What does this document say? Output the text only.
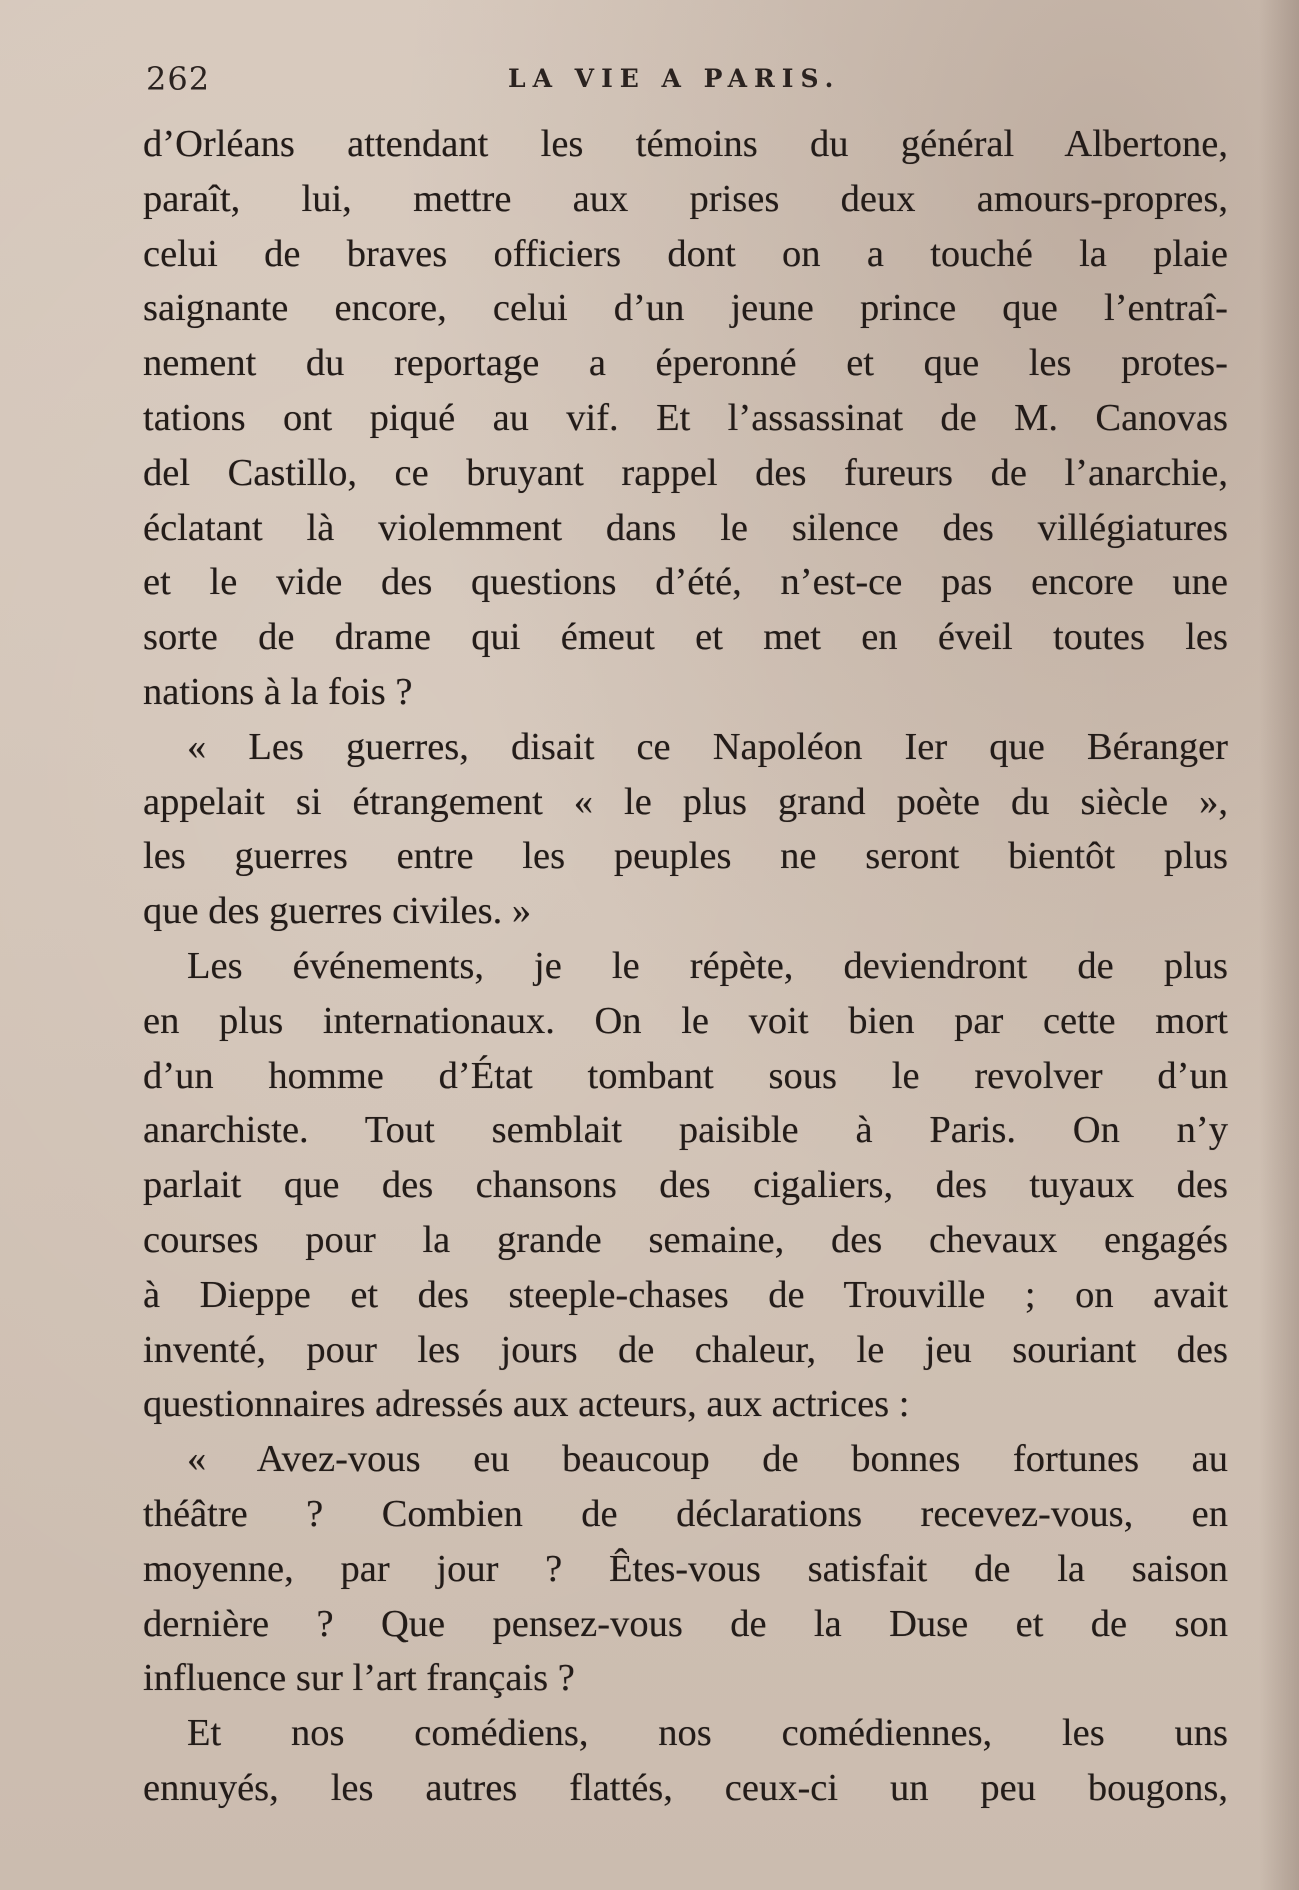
262	LA VIE A PARIS.
d’Orléans attendant les témoins du général Albertone,
paraît, lui, mettre aux prises deux amours-propres,
celui de braves officiers dont on a touché la plaie
saignante encore, celui d’un jeune prince que l’entraî-
nement du reportage a éperonné et que les protes-
tations ont piqué au vif. Et l’assassinat de M. Canovas
del Castillo, ce bruyant rappel des fureurs de l’anarchie,
éclatant là violemment dans le silence des villégiatures
et le vide des questions d’été, n’est-ce pas encore une
sorte de drame qui émeut et met en éveil toutes les
nations à la fois ?
« Les guerres, disait ce Napoléon Ier que Béranger
appelait si étrangement « le plus grand poète du siècle »,
les guerres entre les peuples ne seront bientôt plus
que des guerres civiles. »
Les événements, je le répète, deviendront de plus
en plus internationaux. On le voit bien par cette mort
d’un homme d’État tombant sous le revolver d’un
anarchiste. Tout semblait paisible à Paris. On n’y
parlait que des chansons des cigaliers, des tuyaux des
courses pour la grande semaine, des chevaux engagés
à Dieppe et des steeple-chases de Trouville ; on avait
inventé, pour les jours de chaleur, le jeu souriant des
questionnaires adressés aux acteurs, aux actrices :
« Avez-vous eu beaucoup de bonnes fortunes au
théâtre ? Combien de déclarations recevez-vous, en
moyenne, par jour ? Êtes-vous satisfait de la saison
dernière ? Que pensez-vous de la Duse et de son
influence sur l’art français ?
Et nos comédiens, nos comédiennes, les uns
ennuyés, les autres flattés, ceux-ci un peu bougons,
